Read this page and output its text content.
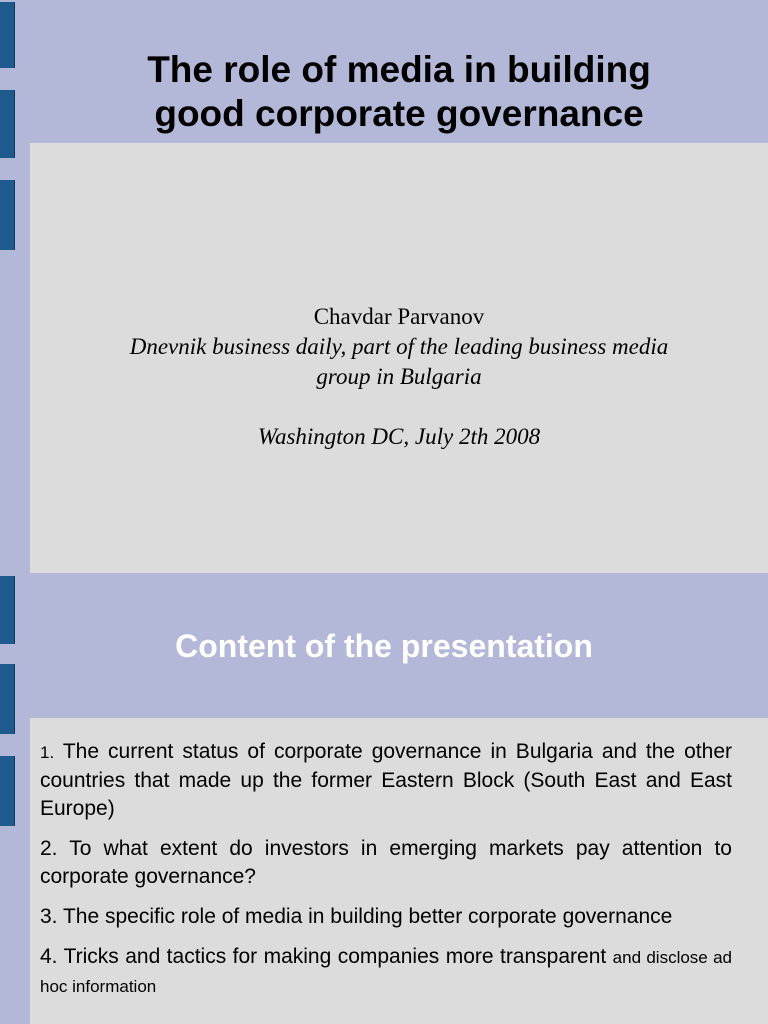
The role of media in building
good corporate governance
Chavdar Parvanov
Dnevnik business daily, part of the leading business media
group in Bulgaria
Washington DC, July 2th 2008
Content of the presentation

1. The current status of corporate governance in Bulgaria and the other countries that made up the former Eastern Block (South East and East Europe)

2. To what extent do investors in emerging markets pay attention to corporate governance?

3. The specific role of media in building better corporate governance

4. Tricks and tactics for making companies more transparent and disclose ad hoc information
